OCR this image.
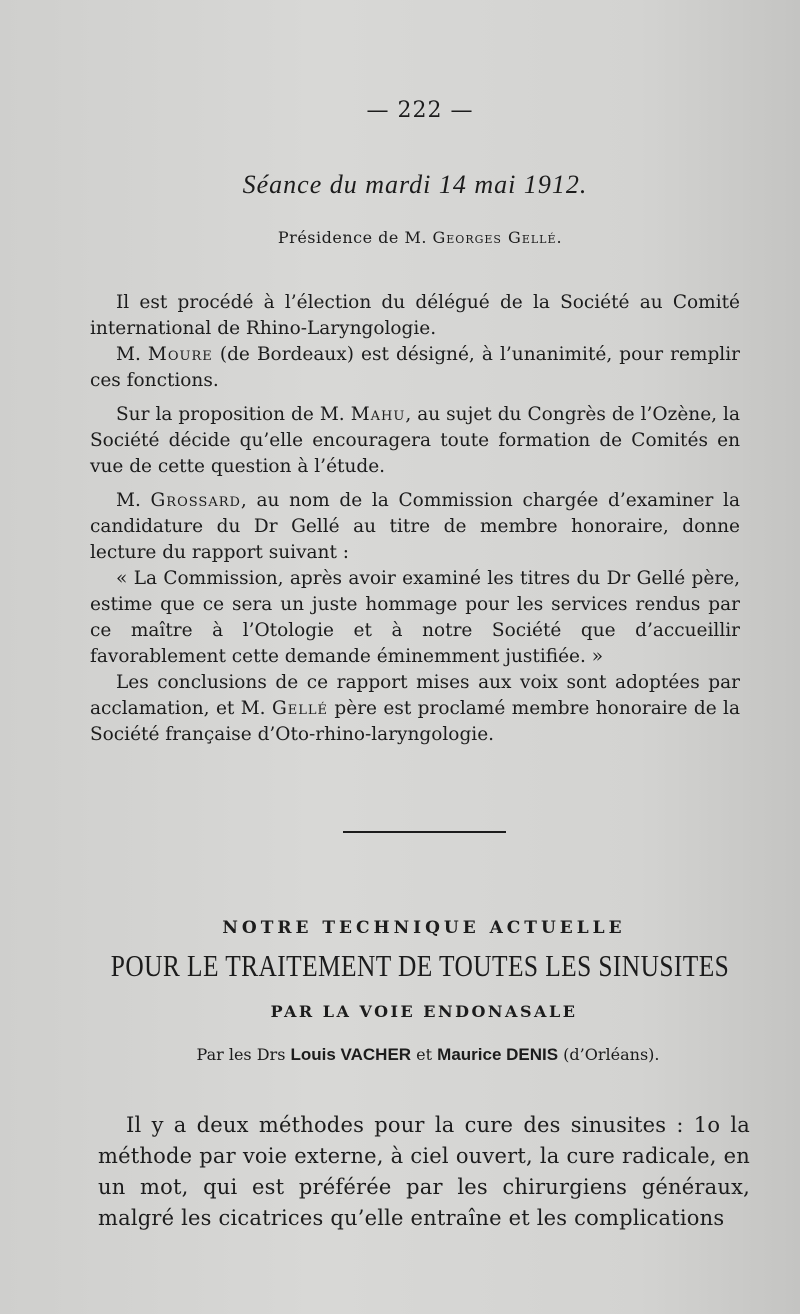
— 222 —
Séance du mardi 14 mai 1912.
Présidence de M. Georges Gellé.

Il est procédé à l’élection du délégué de la Société au Comité international de Rhino-Laryngologie.

M. Moure (de Bordeaux) est désigné, à l’unanimité, pour remplir ces fonctions.

Sur la proposition de M. Mahu, au sujet du Congrès de l’Ozène, la Société décide qu’elle encouragera toute formation de Comités en vue de cette question à l’étude.

M. Grossard, au nom de la Commission chargée d’examiner la candidature du Dr Gellé au titre de membre honoraire, donne lecture du rapport suivant :

« La Commission, après avoir examiné les titres du Dr Gellé père, estime que ce sera un juste hommage pour les services rendus par ce maître à l’Otologie et à notre Société que d’accueillir favorablement cette demande éminemment justifiée. »

Les conclusions de ce rapport mises aux voix sont adoptées par acclamation, et M. Gellé père est proclamé membre honoraire de la Société française d’Oto-rhino-laryngologie.

NOTRE TECHNIQUE ACTUELLE
POUR LE TRAITEMENT DE TOUTES LES SINUSITES
PAR LA VOIE ENDONASALE
Par les Drs Louis VACHER et Maurice DENIS (d’Orléans).

Il y a deux méthodes pour la cure des sinusites : 1o la méthode par voie externe, à ciel ouvert, la cure radicale, en un mot, qui est préférée par les chirurgiens généraux, malgré les cicatrices qu’elle entraîne et les complications
